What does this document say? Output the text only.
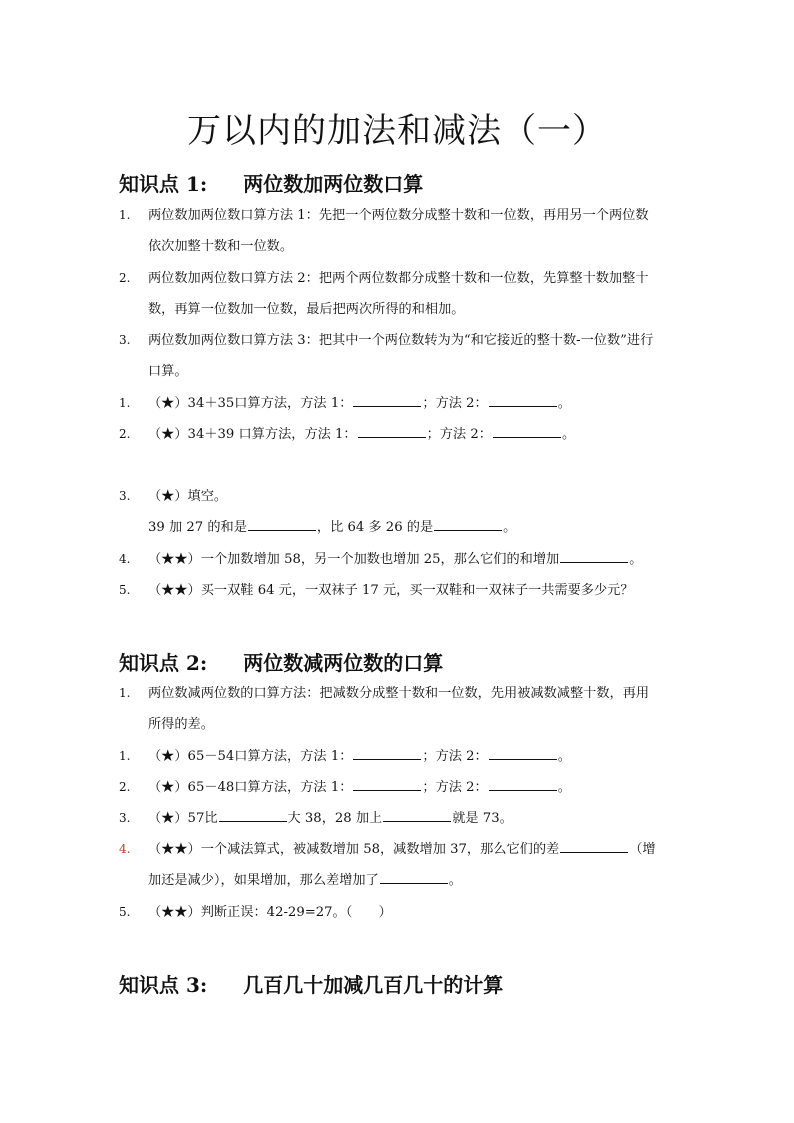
万以内的加法和减法（一）
知识点 1: 两位数加两位数口算
1.	两位数加两位数口算方法 1：先把一个两位数分成整十数和一位数，再用另一个两位数
依次加整十数和一位数。
2.	两位数加两位数口算方法 2：把两个两位数都分成整十数和一位数，先算整十数加整十
数，再算一位数加一位数，最后把两次所得的和相加。
3.	两位数加两位数口算方法 3：把其中一个两位数转为为“和它接近的整十数-一位数”进行
口算。
1.	（★）34＋35口算方法，方法 1：	；方法 2：	。
2.	（★）34＋39 口算方法，方法 1：	；方法 2：	。
3.	（★）填空。
39 加 27 的和是	，比 64 多 26 的是	。
4.	（★★）一个加数增加 58，另一个加数也增加 25，那么它们的和增加	。
5.	（★★）买一双鞋 64 元，一双袜子 17 元，买一双鞋和一双袜子一共需要多少元？
知识点 2: 两位数减两位数的口算
1.	两位数减两位数的口算方法：把减数分成整十数和一位数，先用被减数减整十数，再用
所得的差。
1.	（★）65－54口算方法，方法 1：	；方法 2：	。
2.	（★）65－48口算方法，方法 1：	；方法 2：	。
3.	（★）57比	大 38，28 加上	就是 73。
4.	（★★）一个减法算式，被减数增加 58，减数增加 37，那么它们的差	（增
加还是减少），如果增加，那么差增加了	。
5.	（★★）判断正误：42-29=27。（　　）
知识点 3: 几百几十加减几百几十的计算
